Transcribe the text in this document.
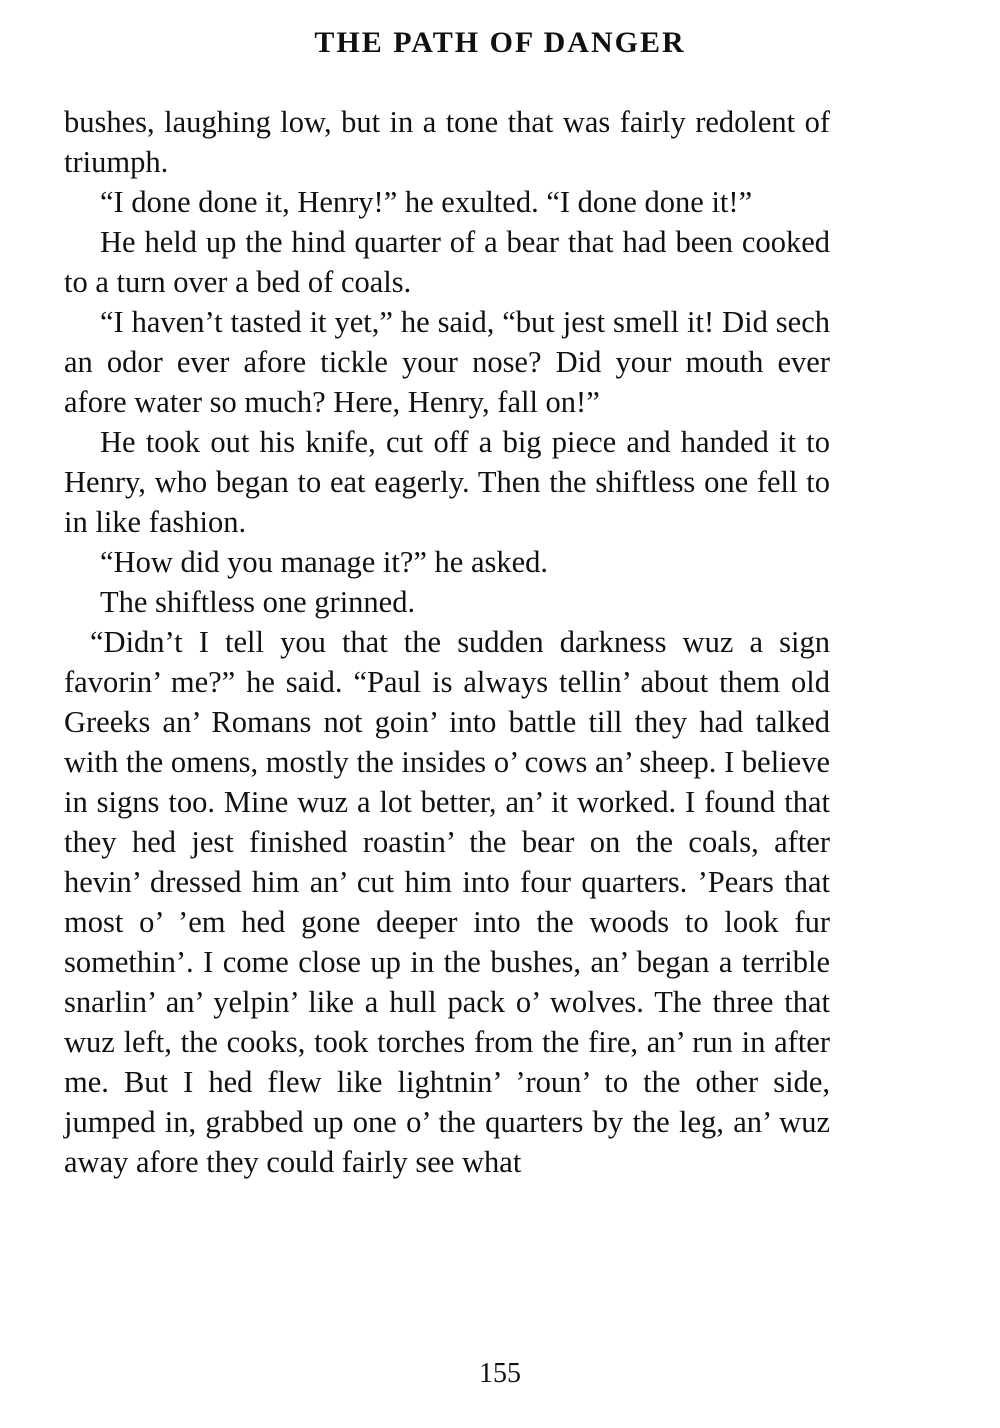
THE PATH OF DANGER

bushes, laughing low, but in a tone that was fairly redolent of triumph.

“I done done it, Henry!” he exulted. “I done done it!”

He held up the hind quarter of a bear that had been cooked to a turn over a bed of coals.

“I haven’t tasted it yet,” he said, “but jest smell it! Did sech an odor ever afore tickle your nose? Did your mouth ever afore water so much? Here, Henry, fall on!”

He took out his knife, cut off a big piece and handed it to Henry, who began to eat eagerly. Then the shiftless one fell to in like fashion.

“How did you manage it?” he asked.

The shiftless one grinned.

“Didn’t I tell you that the sudden darkness wuz a sign favorin’ me?” he said. “Paul is always tellin’ about them old Greeks an’ Romans not goin’ into battle till they had talked with the omens, mostly the insides o’ cows an’ sheep. I believe in signs too. Mine wuz a lot better, an’ it worked. I found that they hed jest finished roastin’ the bear on the coals, after hevin’ dressed him an’ cut him into four quarters. ’Pears that most o’ ’em hed gone deeper into the woods to look fur somethin’. I come close up in the bushes, an’ began a terrible snarlin’ an’ yelpin’ like a hull pack o’ wolves. The three that wuz left, the cooks, took torches from the fire, an’ run in after me. But I hed flew like lightnin’ ’roun’ to the other side, jumped in, grabbed up one o’ the quarters by the leg, an’ wuz away afore they could fairly see what

155
